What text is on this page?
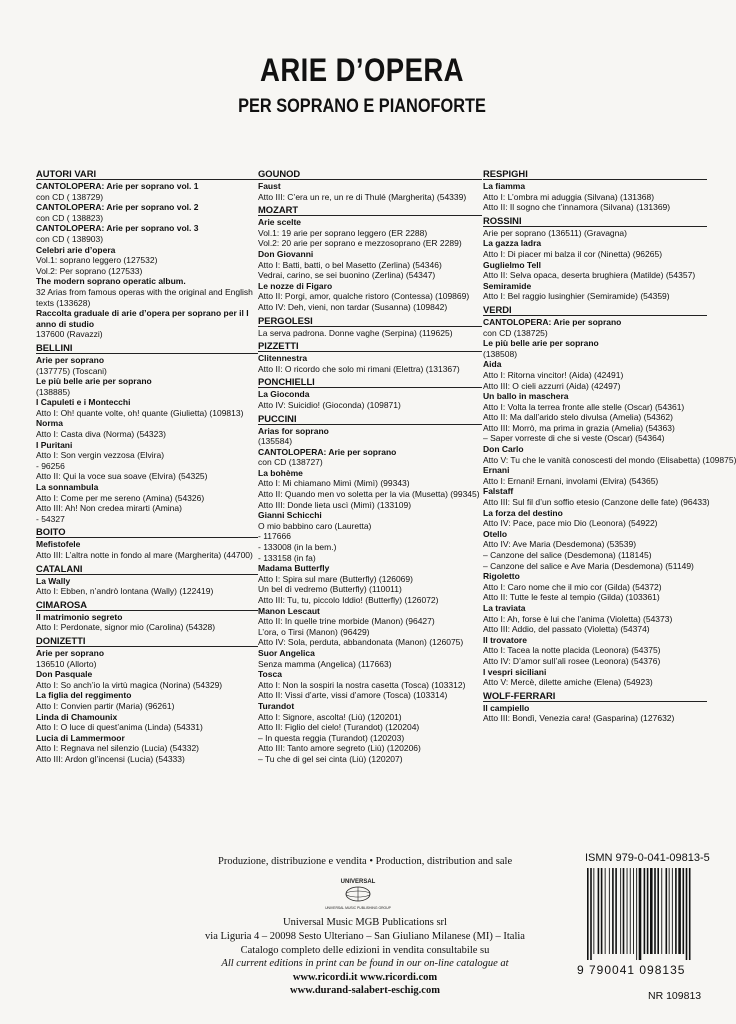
ARIE D’OPERA
PER SOPRANO E PIANOFORTE
AUTORI VARI
CANTOLOPERA: Arie per soprano vol. 1
con CD ( 138729)
CANTOLOPERA: Arie per soprano vol. 2
con CD ( 138823)
CANTOLOPERA: Arie per soprano vol. 3
con CD ( 138903)
Celebri arie d’opera
Vol.1: soprano leggero (127532)
Vol.2: Per soprano (127533)
The modern soprano operatic album.
32 Arias from famous operas with the original and English texts (133628)
Raccolta graduale di arie d’opera per soprano per il I anno di studio
137600 (Ravazzi)
BELLINI
Arie per soprano
(137775) (Toscani)
Le più belle arie per soprano
(138885)
I Capuleti e i Montecchi
Atto I: Oh! quante volte, oh! quante (Giulietta) (109813)
Norma
Atto I: Casta diva (Norma) (54323)
I Puritani
Atto I: Son vergin vezzosa (Elvira)
- 96256
Atto II: Qui la voce sua soave (Elvira) (54325)
La sonnambula
Atto I: Come per me sereno (Amina) (54326)
Atto III: Ah! Non credea mirarti (Amina)
- 54327
BOITO
Mefistofele
Atto III: L’altra notte in fondo al mare (Margherita) (44700)
CATALANI
La Wally
Atto I: Ebben, n’andrò lontana (Wally) (122419)
CIMAROSA
Il matrimonio segreto
Atto I: Perdonate, signor mio (Carolina) (54328)
DONIZETTI
Arie per soprano
136510 (Allorto)
Don Pasquale
Atto I: So anch’io la virtù magica (Norina) (54329)
La figlia del reggimento
Atto I: Convien partir (Maria) (96261)
Linda di Chamounix
Atto I: O luce di quest’anima (Linda) (54331)
Lucia di Lammermoor
Atto I: Regnava nel silenzio (Lucia) (54332)
Atto III: Ardon gl’incensi (Lucia) (54333)
GOUNOD
Faust
Atto III: C’era un re, un re di Thulé (Margherita) (54339)
MOZART
Arie scelte
Vol.1: 19 arie per soprano leggero (ER 2288)
Vol.2: 20 arie per soprano e mezzosoprano (ER 2289)
Don Giovanni
Atto I: Batti, batti, o bel Masetto (Zerlina) (54346)
Vedrai, carino, se sei buonino (Zerlina) (54347)
Le nozze di Figaro
Atto II: Porgi, amor, qualche ristoro (Contessa) (109869)
Atto IV: Deh, vieni, non tardar (Susanna) (109842)
PERGOLESI
La serva padrona. Donne vaghe (Serpina) (119625)
PIZZETTI
Clitennestra
Atto II: O ricordo che solo mi rimani (Elettra) (131367)
PONCHIELLI
La Gioconda
Atto IV: Suicidio! (Gioconda) (109871)
PUCCINI
Arias for soprano
(135584)
CANTOLOPERA: Arie per soprano
con CD (138727)
La bohème
Atto I: Mi chiamano Mimì (Mimì) (99343)
Atto II: Quando men vo soletta per la via (Musetta) (99345)
Atto III: Donde lieta uscì (Mimì) (133109)
Gianni Schicchi
O mio babbino caro (Lauretta)
- 117666
- 133008 (in la bem.)
- 133158 (in fa)
Madama Butterfly
Atto I: Spira sul mare (Butterfly) (126069)
Un bel dì vedremo (Butterfly) (110011)
Atto III: Tu, tu, piccolo Iddio! (Butterfly) (126072)
Manon Lescaut
Atto II: In quelle trine morbide (Manon) (96427)
L’ora, o Tirsi (Manon) (96429)
Atto IV: Sola, perduta, abbandonata (Manon) (126075)
Suor Angelica
Senza mamma (Angelica) (117663)
Tosca
Atto I: Non la sospiri la nostra casetta (Tosca) (103312)
Atto II: Vissi d’arte, vissi d’amore (Tosca) (103314)
Turandot
Atto I: Signore, ascolta! (Liù) (120201)
Atto II: Figlio del cielo! (Turandot) (120204)
– In questa reggia (Turandot) (120203)
Atto III: Tanto amore segreto (Liù) (120206)
– Tu che di gel sei cinta (Liù) (120207)
RESPIGHI
La fiamma
Atto I: L’ombra mi aduggia (Silvana) (131368)
Atto II: Il sogno che t’innamora (Silvana) (131369)
ROSSINI
Arie per soprano (136511) (Gravagna)
La gazza ladra
Atto I: Di piacer mi balza il cor (Ninetta) (96265)
Guglielmo Tell
Atto II: Selva opaca, deserta brughiera (Matilde) (54357)
Semiramide
Atto I: Bel raggio lusinghier (Semiramide) (54359)
VERDI
CANTOLOPERA: Arie per soprano
con CD (138725)
Le più belle arie per soprano
(138508)
Aida
Atto I: Ritorna vincitor! (Aida) (42491)
Atto III: O cieli azzurri (Aida) (42497)
Un ballo in maschera
Atto I: Volta la terrea fronte alle stelle (Oscar) (54361)
Atto II: Ma dall’arido stelo divulsa (Amelia) (54362)
Atto III: Morrò, ma prima in grazia (Amelia) (54363)
– Saper vorreste di che si veste (Oscar) (54364)
Don Carlo
Atto V: Tu che le vanità conoscesti del mondo (Elisabetta) (109875)
Ernani
Atto I: Ernani! Ernani, involami (Elvira) (54365)
Falstaff
Atto III: Sul fil d’un soffio etesio (Canzone delle fate) (96433)
La forza del destino
Atto IV: Pace, pace mio Dio (Leonora) (54922)
Otello
Atto IV: Ave Maria (Desdemona) (53539)
– Canzone del salice (Desdemona) (118145)
– Canzone del salice e Ave Maria (Desdemona) (51149)
Rigoletto
Atto I: Caro nome che il mio cor (Gilda) (54372)
Atto II: Tutte le feste al tempio (Gilda) (103361)
La traviata
Atto I: Ah, forse è lui che l’anima (Violetta) (54373)
Atto III: Addio, del passato (Violetta) (54374)
Il trovatore
Atto I: Tacea la notte placida (Leonora) (54375)
Atto IV: D’amor sull’ali rosee (Leonora) (54376)
I vespri siciliani
Atto V: Mercè, dilette amiche (Elena) (54923)
WOLF-FERRARI
Il campiello
Atto III: Bondì, Venezia cara! (Gasparina) (127632)
Produzione, distribuzione e vendita • Production, distribution and sale
UNIVERSAL
UNIVERSAL MUSIC PUBLISHING GROUP
Universal Music MGB Publications srl
via Liguria 4 – 20098 Sesto Ulteriano – San Giuliano Milanese (MI) – Italia
Catalogo completo delle edizioni in vendita consultabile su
All current editions in print can be found in our on-line catalogue at
www.ricordi.it www.ricordi.com
www.durand-salabert-eschig.com
ISMN 979-0-041-09813-5
9 790041 098135
NR 109813
